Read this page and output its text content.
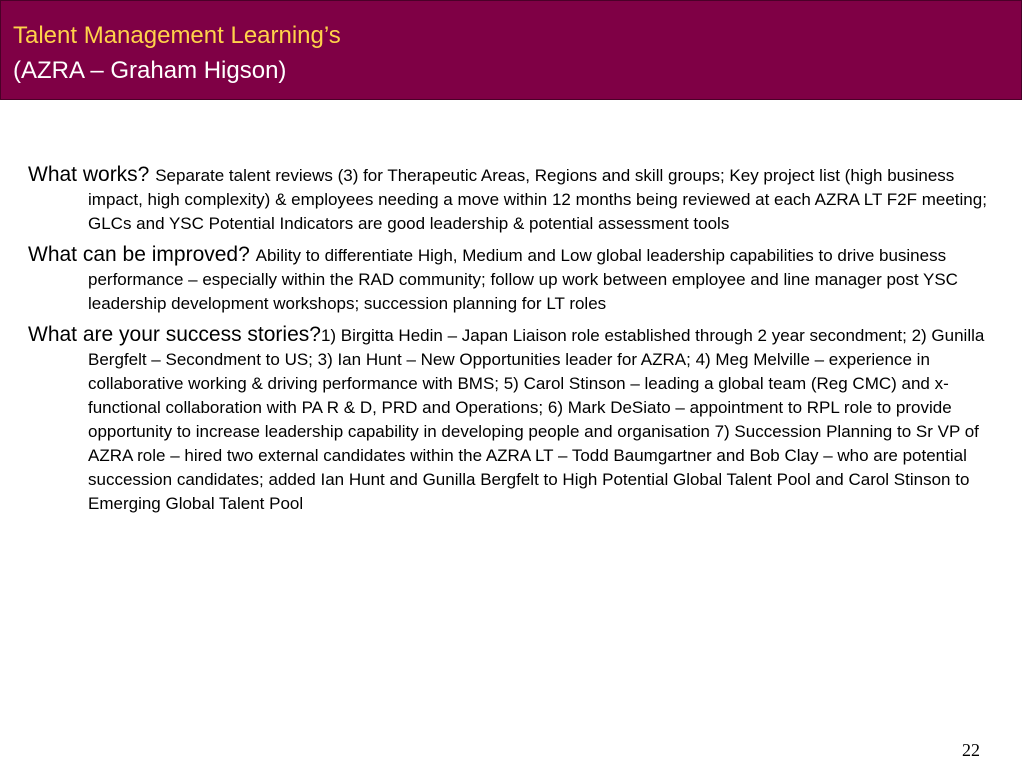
Talent Management Learning’s
(AZRA – Graham Higson)

What works? Separate talent reviews (3) for Therapeutic Areas, Regions and skill groups; Key project list (high business impact, high complexity) & employees needing a move within 12 months being reviewed at each AZRA LT F2F meeting; GLCs and YSC Potential Indicators are good leadership & potential assessment tools

What can be improved? Ability to differentiate High, Medium and Low global leadership capabilities to drive business performance – especially within the RAD community; follow up work between employee and line manager post YSC leadership development workshops; succession planning for LT roles

What are your success stories?1) Birgitta Hedin – Japan Liaison role established through 2 year secondment; 2) Gunilla Bergfelt – Secondment to US; 3) Ian Hunt – New Opportunities leader for AZRA; 4) Meg Melville – experience in collaborative working & driving performance with BMS; 5) Carol Stinson – leading a global team (Reg CMC) and x-functional collaboration with PA R & D, PRD and Operations; 6) Mark DeSiato – appointment to RPL role to provide opportunity to increase leadership capability in developing people and organisation 7) Succession Planning to Sr VP of AZRA role – hired two external candidates within the AZRA LT – Todd Baumgartner and Bob Clay – who are potential succession candidates; added Ian Hunt and Gunilla Bergfelt to High Potential Global Talent Pool and Carol Stinson to Emerging Global Talent Pool

22
